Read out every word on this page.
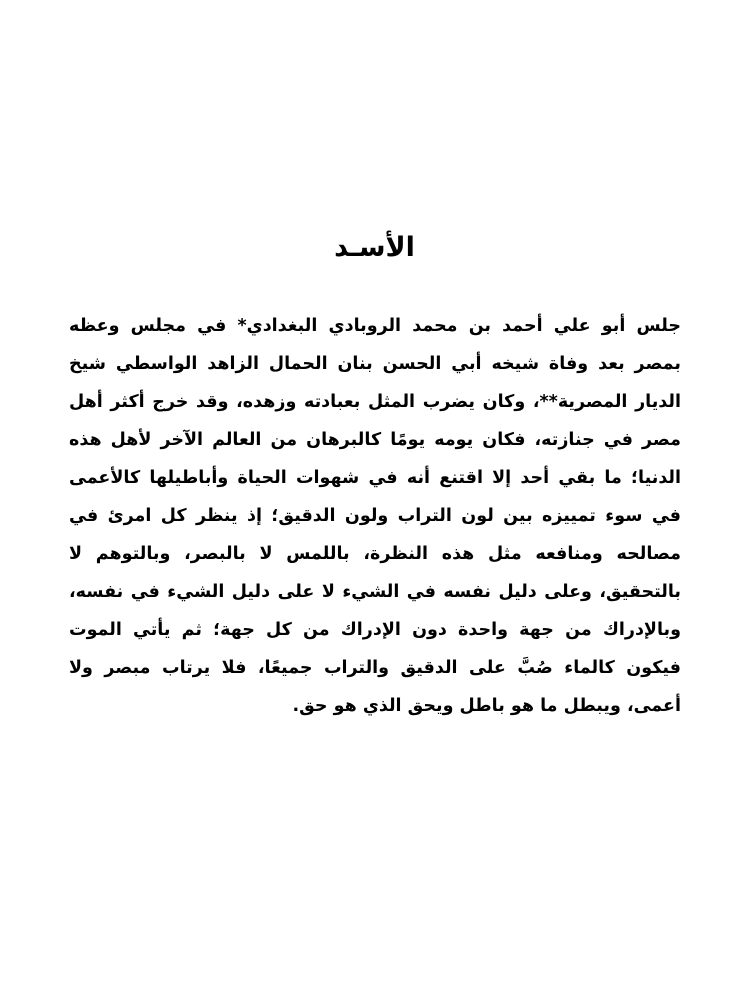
الأسـد

جلس أبو علي أحمد بن محمد الروبادي البغدادي* في مجلس وعظه بمصر بعد وفاة شيخه أبي الحسن بنان الحمال الزاهد الواسطي شيخ الديار المصرية**، وكان يضرب المثل بعبادته وزهده، وقد خرج أكثر أهل مصر في جنازته، فكان يومه يومًا كالبرهان من العالم الآخر لأهل هذه الدنيا؛ ما بقي أحد إلا اقتنع أنه في شهوات الحياة وأباطيلها كالأعمى في سوء تمييزه بين لون التراب ولون الدقيق؛ إذ ينظر كل امرئ في مصالحه ومنافعه مثل هذه النظرة، باللمس لا بالبصر، وبالتوهم لا بالتحقيق، وعلى دليل نفسه في الشيء لا على دليل الشيء في نفسه، وبالإدراك من جهة واحدة دون الإدراك من كل جهة؛ ثم يأتي الموت فيكون كالماء صُبَّ على الدقيق والتراب جميعًا، فلا يرتاب مبصر ولا أعمى، ويبطل ما هو باطل ويحق الذي هو حق.
